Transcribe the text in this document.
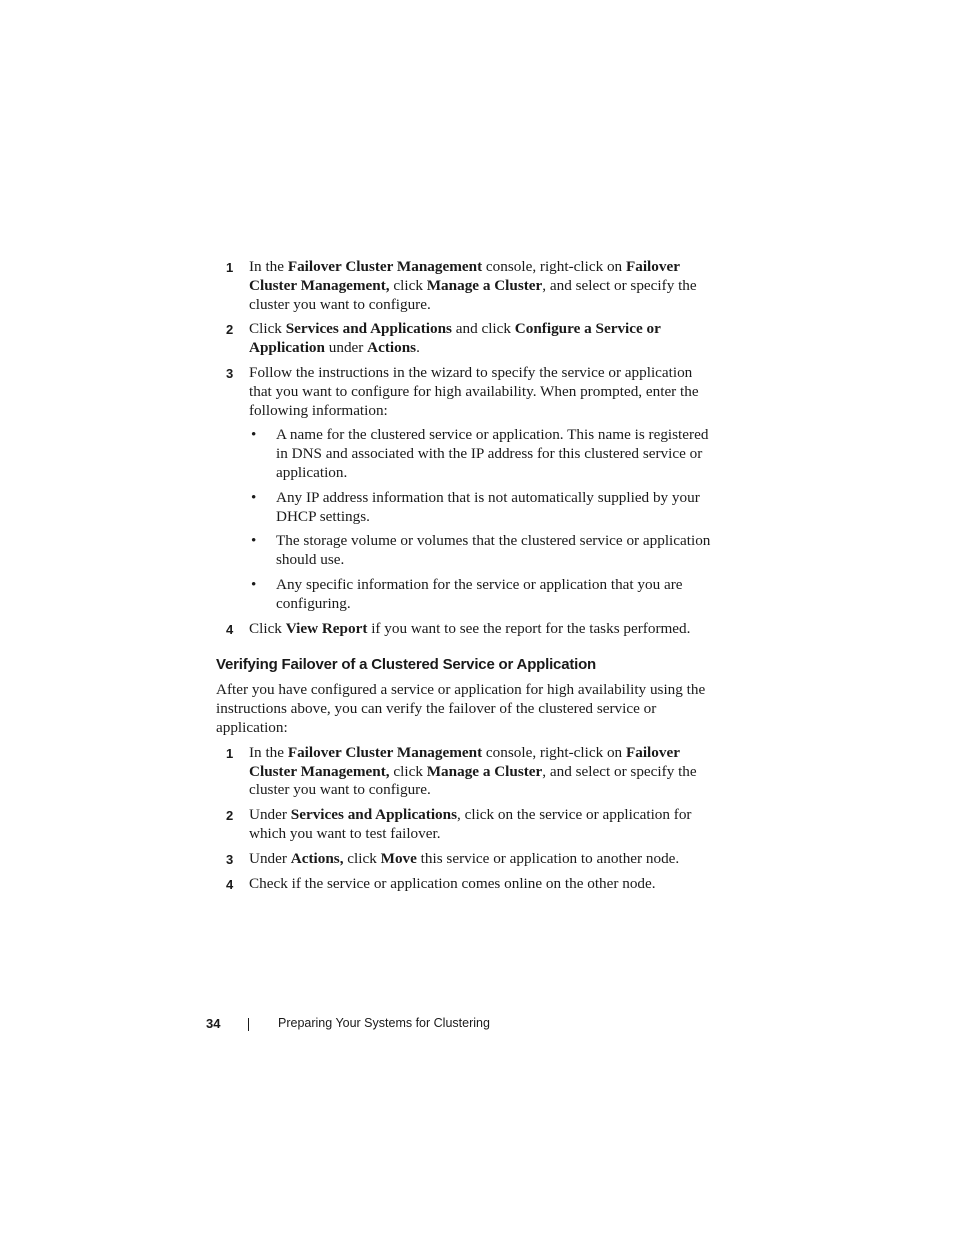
1 In the Failover Cluster Management console, right-click on Failover Cluster Management, click Manage a Cluster, and select or specify the cluster you want to configure.
2 Click Services and Applications and click Configure a Service or Application under Actions.
3 Follow the instructions in the wizard to specify the service or application that you want to configure for high availability. When prompted, enter the following information:
• A name for the clustered service or application. This name is registered in DNS and associated with the IP address for this clustered service or application.
• Any IP address information that is not automatically supplied by your DHCP settings.
• The storage volume or volumes that the clustered service or application should use.
• Any specific information for the service or application that you are configuring.
4 Click View Report if you want to see the report for the tasks performed.
Verifying Failover of a Clustered Service or Application

After you have configured a service or application for high availability using the instructions above, you can verify the failover of the clustered service or application:

1 In the Failover Cluster Management console, right-click on Failover Cluster Management, click Manage a Cluster, and select or specify the cluster you want to configure.
2 Under Services and Applications, click on the service or application for which you want to test failover.
3 Under Actions, click Move this service or application to another node.
4 Check if the service or application comes online on the other node.
34	Preparing Your Systems for Clustering
